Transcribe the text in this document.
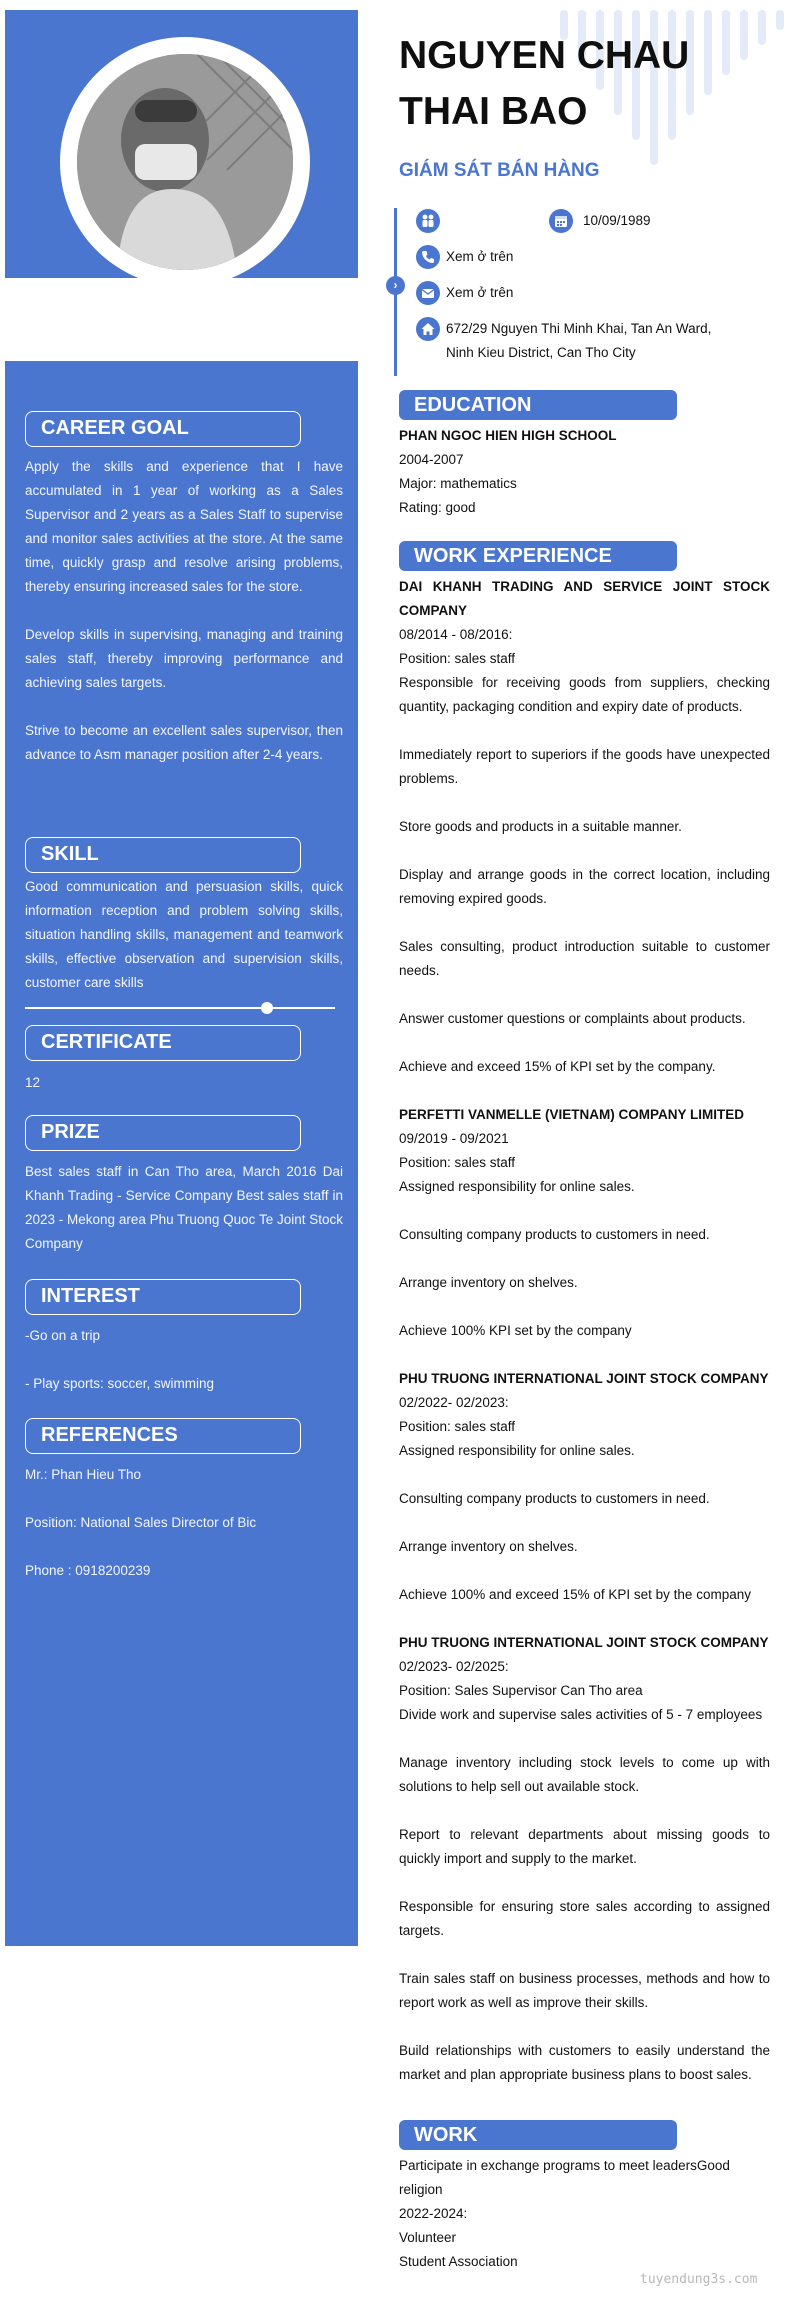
CAREER GOAL

Apply the skills and experience that I have accumulated in 1 year of working as a Sales Supervisor and 2 years as a Sales Staff to supervise and monitor sales activities at the store. At the same time, quickly grasp and resolve arising problems, thereby ensuring increased sales for the store.

Develop skills in supervising, managing and training sales staff, thereby improving performance and achieving sales targets.

Strive to become an excellent sales supervisor, then advance to Asm manager position after 2-4 years.

SKILL
Good communication and persuasion skills, quick information reception and problem solving skills, situation handling skills, management and teamwork skills, effective observation and supervision skills, customer care skills
CERTIFICATE
12
PRIZE
Best sales staff in Can Tho area, March 2016 Dai Khanh Trading - Service Company Best sales staff in 2023 - Mekong area Phu Truong Quoc Te Joint Stock Company
INTEREST

-Go on a trip

- Play sports: soccer, swimming

REFERENCES

Mr.: Phan Hieu Tho

Position: National Sales Director of Bic

Phone : 0918200239

NGUYEN CHAU
THAI BAO
GIÁM SÁT BÁN HÀNG
›
10/09/1989
Xem ở trên
Xem ở trên
672/29 Nguyen Thi Minh Khai, Tan An Ward,
Ninh Kieu District, Can Tho City
EDUCATION
PHAN NGOC HIEN HIGH SCHOOL
2004-2007
Major: mathematics
Rating: good
WORK EXPERIENCE
DAI KHANH TRADING AND SERVICE JOINT STOCK COMPANY
08/2014 - 08/2016:
Position: sales staff
Responsible for receiving goods from suppliers, checking quantity, packaging condition and expiry date of products.
Immediately report to superiors if the goods have unexpected problems.
Store goods and products in a suitable manner.
Display and arrange goods in the correct location, including removing expired goods.
Sales consulting, product introduction suitable to customer needs.
Answer customer questions or complaints about products.
Achieve and exceed 15% of KPI set by the company.
PERFETTI VANMELLE (VIETNAM) COMPANY LIMITED
09/2019 - 09/2021
Position: sales staff
Assigned responsibility for online sales.
Consulting company products to customers in need.
Arrange inventory on shelves.
Achieve 100% KPI set by the company
PHU TRUONG INTERNATIONAL JOINT STOCK COMPANY
02/2022- 02/2023:
Position: sales staff
Assigned responsibility for online sales.
Consulting company products to customers in need.
Arrange inventory on shelves.
Achieve 100% and exceed 15% of KPI set by the company
PHU TRUONG INTERNATIONAL JOINT STOCK COMPANY
02/2023- 02/2025:
Position: Sales Supervisor Can Tho area
Divide work and supervise sales activities of 5 - 7 employees
Manage inventory including stock levels to come up with solutions to help sell out available stock.
Report to relevant departments about missing goods to quickly import and supply to the market.
Responsible for ensuring store sales according to assigned targets.
Train sales staff on business processes, methods and how to report work as well as improve their skills.
Build relationships with customers to easily understand the market and plan appropriate business plans to boost sales.
WORK
Participate in exchange programs to meet leadersGood religion
2022-2024:
Volunteer
Student Association
tuyendung3s.com
